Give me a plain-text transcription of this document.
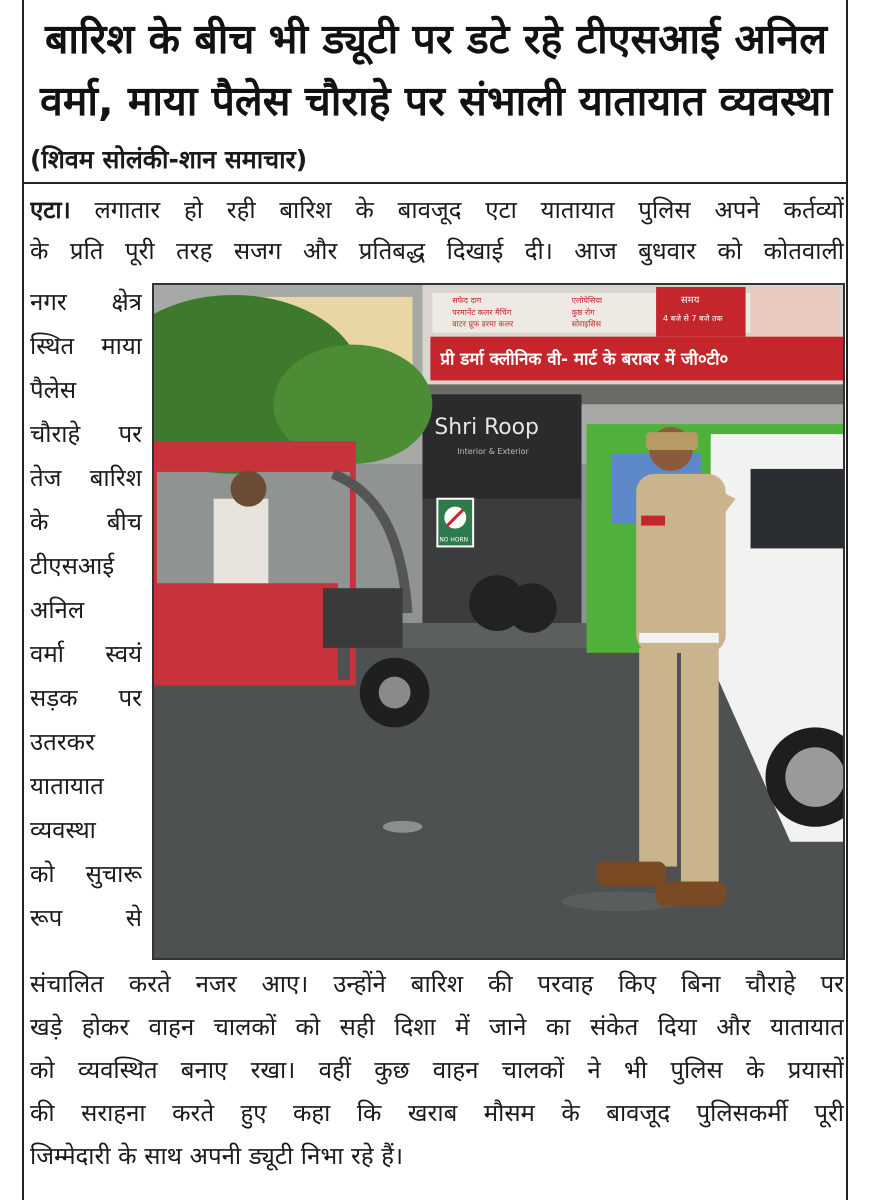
बारिश के बीच भी ड्यूटी पर डटे रहे टीएसआई अनिल
वर्मा, माया पैलेस चौराहे पर संभाली यातायात व्यवस्था
(शिवम सोलंकी-शान समाचार)
एटा। लगातार हो रही बारिश के बावजूद एटा यातायात पुलिस अपने कर्तव्यों
के प्रति पूरी तरह सजग और प्रतिबद्ध दिखाई दी। आज बुधवार को कोतवाली
नगर क्षेत्र
स्थित माया
पैलेस
चौराहे पर
तेज बारिश
के बीच
टीएसआई
अनिल
वर्मा स्वयं
सड़क पर
उतरकर
यातायात
व्यवस्था
को सुचारू
रूप से
सफेद दाग
परमानेंट कलर मैचिंग
वाटर प्रूफ डरमा कलर
एलोपेसिया
कुष्ठ रोग
सोराइसिस
समय
4 बजे से 7 बजे तक
प्री डर्मा क्लीनिक वी- मार्ट के बराबर में जी०टी०
Shri Roop
Interior & Exterior
NO HORN
संचालित करते नजर आए। उन्होंने बारिश की परवाह किए बिना चौराहे पर
खड़े होकर वाहन चालकों को सही दिशा में जाने का संकेत दिया और यातायात
को व्यवस्थित बनाए रखा। वहीं कुछ वाहन चालकों ने भी पुलिस के प्रयासों
की सराहना करते हुए कहा कि खराब मौसम के बावजूद पुलिसकर्मी पूरी
जिम्मेदारी के साथ अपनी ड्यूटी निभा रहे हैं।
